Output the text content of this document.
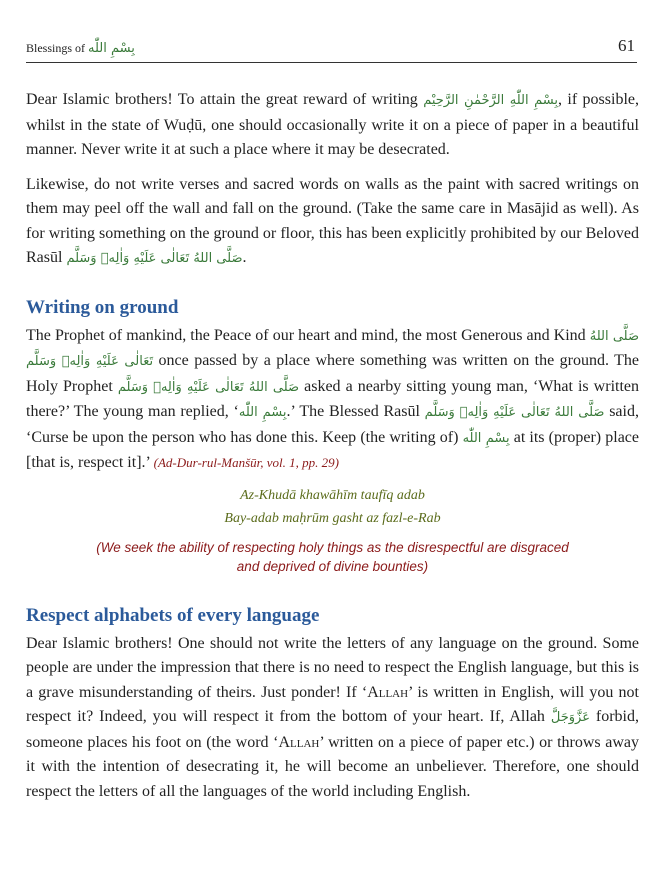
Blessings of بِسْمِ اللّٰه	61

Dear Islamic brothers! To attain the great reward of writing بِسْمِ اللّٰهِ الرَّحْمٰنِ الرَّحِيْم, if possible, whilst in the state of Wuḍū, one should occasionally write it on a piece of paper in a beautiful manner. Never write it at such a place where it may be desecrated.

Likewise, do not write verses and sacred words on walls as the paint with sacred writings on them may peel off the wall and fall on the ground. (Take the same care in Masājid as well). As for writing something on the ground or floor, this has been explicitly prohibited by our Beloved Rasūl صَلَّى اللهُ تَعَالٰى عَلَيْهِ وَاٰلِهٖ وَسَلَّم.

Writing on ground

The Prophet of mankind, the Peace of our heart and mind, the most Generous and Kind صَلَّى اللهُ تَعَالٰى عَلَيْهِ وَاٰلِهٖ وَسَلَّم once passed by a place where something was written on the ground. The Holy Prophet صَلَّى اللهُ تَعَالٰى عَلَيْهِ وَاٰلِهٖ وَسَلَّم asked a nearby sitting young man, ‘What is written there?’ The young man replied, ‘بِسْمِ اللّٰه.’ The Blessed Rasūl صَلَّى اللهُ تَعَالٰى عَلَيْهِ وَاٰلِهٖ وَسَلَّم said, ‘Curse be upon the person who has done this. Keep (the writing of) بِسْمِ اللّٰه at its (proper) place [that is, respect it].’ (Ad-Dur-rul-Manšūr, vol. 1, pp. 29)

Az-Khudā khawāhīm taufīq adab
Bay-adab maḥrūm gasht az fazl-e-Rab
(We seek the ability of respecting holy things as the disrespectful are disgraced
and deprived of divine bounties)
Respect alphabets of every language

Dear Islamic brothers! One should not write the letters of any language on the ground. Some people are under the impression that there is no need to respect the English language, but this is a grave misunderstanding of theirs. Just ponder! If ‘Allah’ is written in English, will you not respect it? Indeed, you will respect it from the bottom of your heart. If, Allah عَزَّوَجَلَّ forbid, someone places his foot on (the word ‘Allah’ written on a piece of paper etc.) or throws away it with the intention of desecrating it, he will become an unbeliever. Therefore, one should respect the letters of all the languages of the world including English.
